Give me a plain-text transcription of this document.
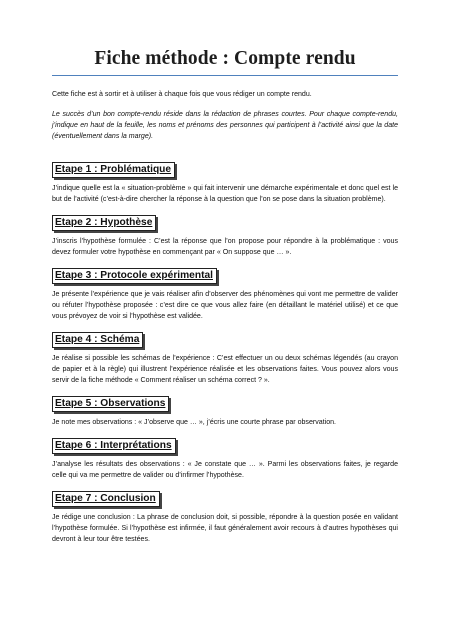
Fiche méthode : Compte rendu

Cette fiche est à sortir et à utiliser à chaque fois que vous rédiger un compte rendu.

Le succès d’un bon compte-rendu réside dans la rédaction de phrases courtes. Pour chaque compte-rendu, j’indique en haut de la feuille, les noms et prénoms des personnes qui participent à l’activité ainsi que la date (éventuellement dans la marge).

Etape 1 : Problématique

J’indique quelle est la « situation-problème » qui fait intervenir une démarche expérimentale et donc quel est le but de l’activité (c’est-à-dire chercher la réponse à la question que l’on se pose dans la situation problème).

Etape 2 : Hypothèse

J’inscris l’hypothèse formulée : C’est la réponse que l’on propose pour répondre à la problématique : vous devez formuler votre hypothèse en commençant par « On suppose que … ».

Etape 3 : Protocole expérimental

Je présente l’expérience que je vais réaliser afin d’observer des phénomènes qui vont me permettre de valider ou réfuter l’hypothèse proposée : c’est dire ce que vous allez faire (en détaillant le matériel utilisé) et ce que vous prévoyez de voir si l’hypothèse est validée.

Etape 4 : Schéma

Je réalise si possible les schémas de l’expérience : C’est effectuer un ou deux schémas légendés (au crayon de papier et à la règle) qui illustrent l’expérience réalisée et les observations faites. Vous pouvez alors vous servir de la fiche méthode « Comment réaliser un schéma correct ? ».

Etape 5 : Observations

Je note mes observations : « J’observe que … », j’écris une courte phrase par observation.

Etape 6 : Interprétations

J’analyse les résultats des observations : « Je constate que … ». Parmi les observations faites, je regarde celle qui va me permettre de valider ou d’infirmer l’hypothèse.

Etape 7 : Conclusion

Je rédige une conclusion : La phrase de conclusion doit, si possible, répondre à la question posée en validant l’hypothèse formulée. Si l’hypothèse est infirmée, il faut généralement avoir recours à d’autres hypothèses qui devront à leur tour être testées.
